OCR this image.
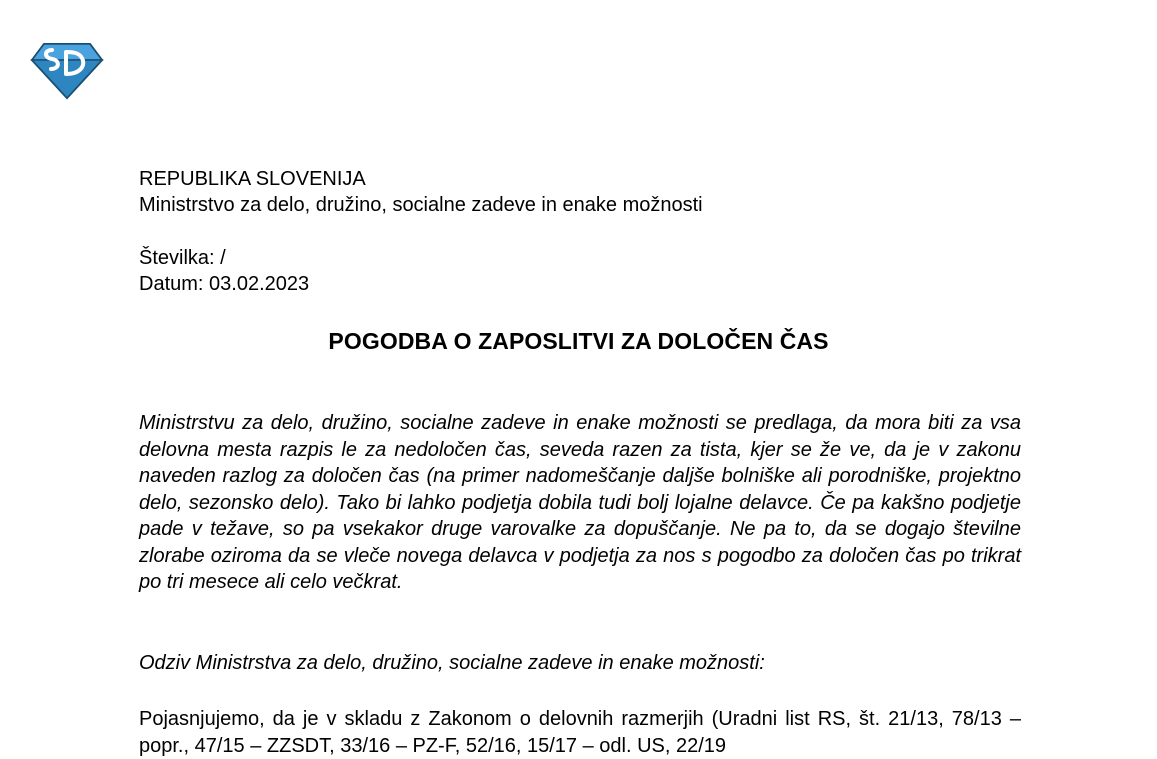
REPUBLIKA SLOVENIJA
Ministrstvo za delo, družino, socialne zadeve in enake možnosti
Številka: /
Datum: 03.02.2023
POGODBA O ZAPOSLITVI ZA DOLOČEN ČAS
Ministrstvu za delo, družino, socialne zadeve in enake možnosti se predlaga, da mora biti za vsa delovna mesta razpis le za nedoločen čas, seveda razen za tista, kjer se že ve, da je v zakonu naveden razlog za določen čas (na primer nadomeščanje daljše bolniške ali porodniške, projektno delo, sezonsko delo). Tako bi lahko podjetja dobila tudi bolj lojalne delavce. Če pa kakšno podjetje pade v težave, so pa vsekakor druge varovalke za dopuščanje. Ne pa to, da se dogajo številne zlorabe oziroma da se vleče novega delavca v podjetja za nos s pogodbo za določen čas po trikrat po tri mesece ali celo večkrat.
Odziv Ministrstva za delo, družino, socialne zadeve in enake možnosti:
Pojasnjujemo, da je v skladu z Zakonom o delovnih razmerjih (Uradni list RS, št. 21/13, 78/13 – popr., 47/15 – ZZSDT, 33/16 – PZ-F, 52/16, 15/17 – odl. US, 22/19
